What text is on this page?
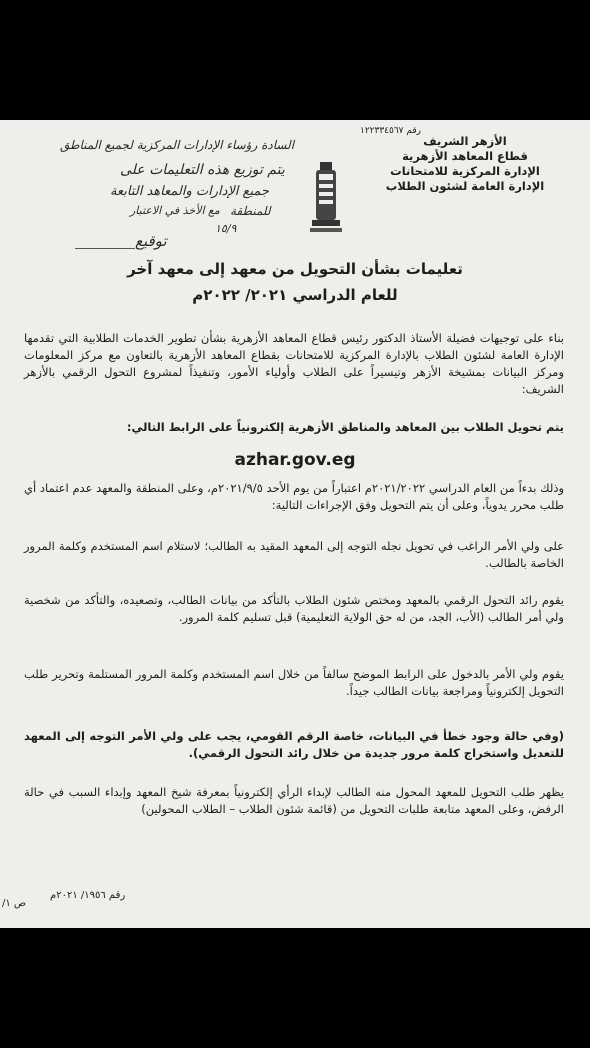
رقم ١٢٢٣٣٤٥٦٧
الأزهر الشريف
قطاع المعاهد الأزهرية
الإدارة المركزية للامتحانات
الإدارة العامة لشئون الطلاب
السادة رؤساء الإدارات المركزية لجميع المناطق
يتم توزيع هذه التعليمات على
جميع الإدارات والمعاهد التابعة
للمنطقة
مع الأخذ في الاعتبار
١٥/٩
توقيع
تعليمات بشأن التحويل من معهد إلى معهد آخر
للعام الدراسي ٢٠٢١/ ٢٠٢٢م
بناء على توجيهات فضيلة الأستاذ الدكتور رئيس قطاع المعاهد الأزهرية بشأن تطوير الخدمات الطلابية التي تقدمها الإدارة العامة لشئون الطلاب بالإدارة المركزية للامتحانات بقطاع المعاهد الأزهرية بالتعاون مع مركز المعلومات ومركز البيانات بمشيخة الأزهر وتيسيراً على الطلاب وأولياء الأمور، وتنفيذاً لمشروع التحول الرقمي بالأزهر الشريف:
يتم تحويل الطلاب بين المعاهد والمناطق الأزهرية إلكترونياً على الرابط التالي:
azhar.gov.eg
وذلك بدءاً من العام الدراسي ٢٠٢١/٢٠٢٢م اعتباراً من يوم الأحد ٢٠٢١/٩/٥م، وعلى المنطقة والمعهد عدم اعتماد أي طلب محرر يدوياً، وعلى أن يتم التحويل وفق الإجراءات التالية:
على ولي الأمر الراغب في تحويل نجله التوجه إلى المعهد المقيد به الطالب؛ لاستلام اسم المستخدم وكلمة المرور الخاصة بالطالب.
يقوم رائد التحول الرقمي بالمعهد ومختص شئون الطلاب بالتأكد من بيانات الطالب، وتصعيده، والتأكد من شخصية ولي أمر الطالب (الأب، الجد، من له حق الولاية التعليمية) قبل تسليم كلمة المرور.
يقوم ولي الأمر بالدخول على الرابط الموضح سالفاً من خلال اسم المستخدم وكلمة المرور المستلمة وتحرير طلب التحويل إلكترونياً ومراجعة بيانات الطالب جيداً.
(وفي حالة وجود خطأ في البيانات، خاصة الرقم القومي، يجب على ولي الأمر التوجه إلى المعهد للتعديل واستخراج كلمة مرور جديدة من خلال رائد التحول الرقمي).
يظهر طلب التحويل للمعهد المحول منه الطالب لإبداء الرأي إلكترونياً بمعرفة شيخ المعهد وإبداء السبب في حالة الرفض، وعلى المعهد متابعة طلبات التحويل من (قائمة شئون الطلاب – الطلاب المحولين)
رقم ١٩٥٦/ ٢٠٢١م
ص ١/
